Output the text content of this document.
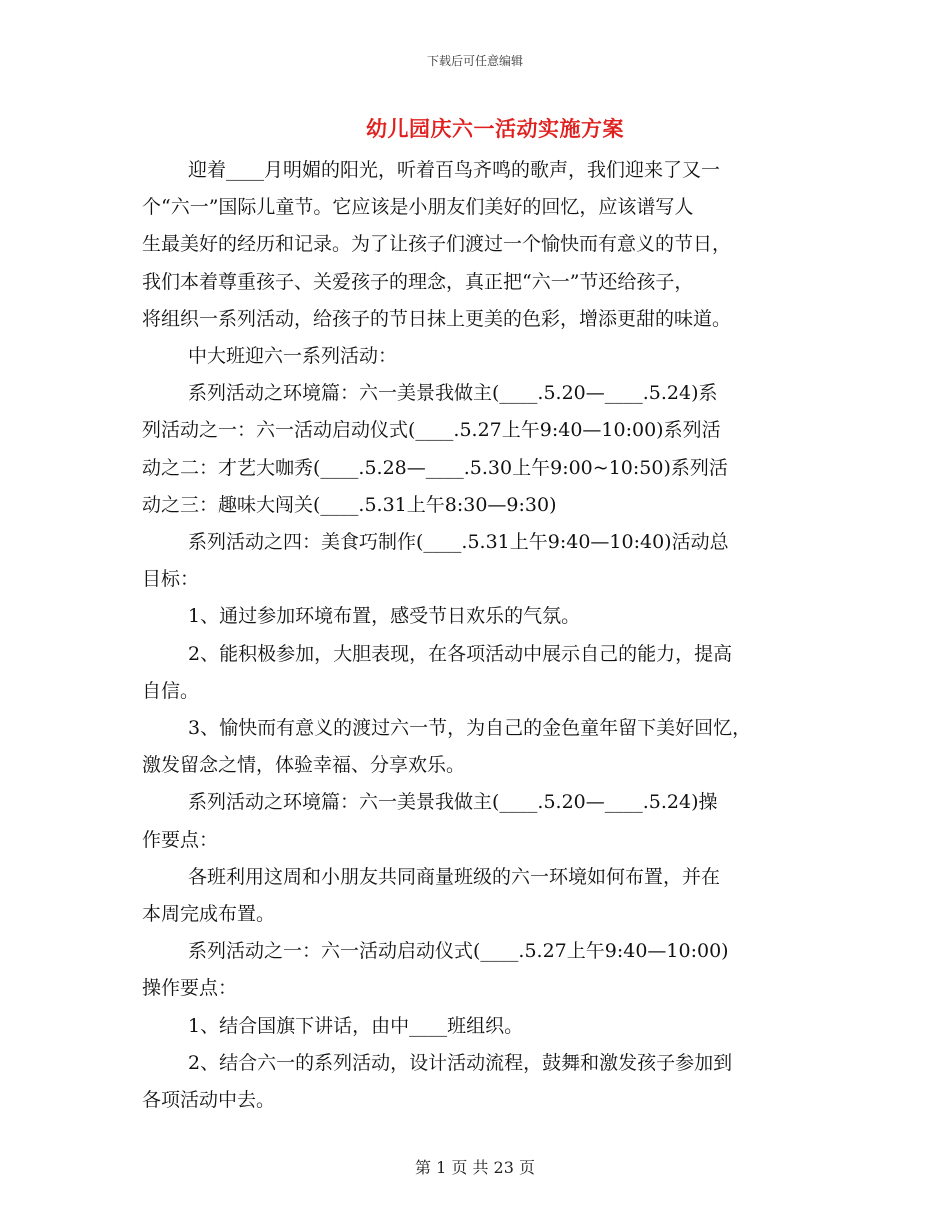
下载后可任意编辑
幼儿园庆六一活动实施方案

迎着____月明媚的阳光，听着百鸟齐鸣的歌声，我们迎来了又一
个“六一”国际儿童节。它应该是小朋友们美好的回忆，应该谱写人
生最美好的经历和记录。为了让孩子们渡过一个愉快而有意义的节日，
我们本着尊重孩子、关爱孩子的理念，真正把“六一”节还给孩子，
将组织一系列活动，给孩子的节日抹上更美的色彩，增添更甜的味道。

中大班迎六一系列活动：

系列活动之环境篇：六一美景我做主(____.5.20—____.5.24)系
列活动之一：六一活动启动仪式(____.5.27上午9:40—10:00)系列活
动之二：才艺大咖秀(____.5.28—____.5.30上午9:00~10:50)系列活
动之三：趣味大闯关(____.5.31上午8:30—9:30)

系列活动之四：美食巧制作(____.5.31上午9:40—10:40)活动总
目标：

1、通过参加环境布置，感受节日欢乐的气氛。

2、能积极参加，大胆表现，在各项活动中展示自己的能力，提高
自信。

3、愉快而有意义的渡过六一节，为自己的金色童年留下美好回忆，
激发留念之情，体验幸福、分享欢乐。

系列活动之环境篇：六一美景我做主(____.5.20—____.5.24)操
作要点：

各班利用这周和小朋友共同商量班级的六一环境如何布置，并在
本周完成布置。

系列活动之一：六一活动启动仪式(____.5.27上午9:40—10:00)
操作要点：

1、结合国旗下讲话，由中____班组织。

2、结合六一的系列活动，设计活动流程，鼓舞和激发孩子参加到
各项活动中去。

第 1 页 共 23 页
